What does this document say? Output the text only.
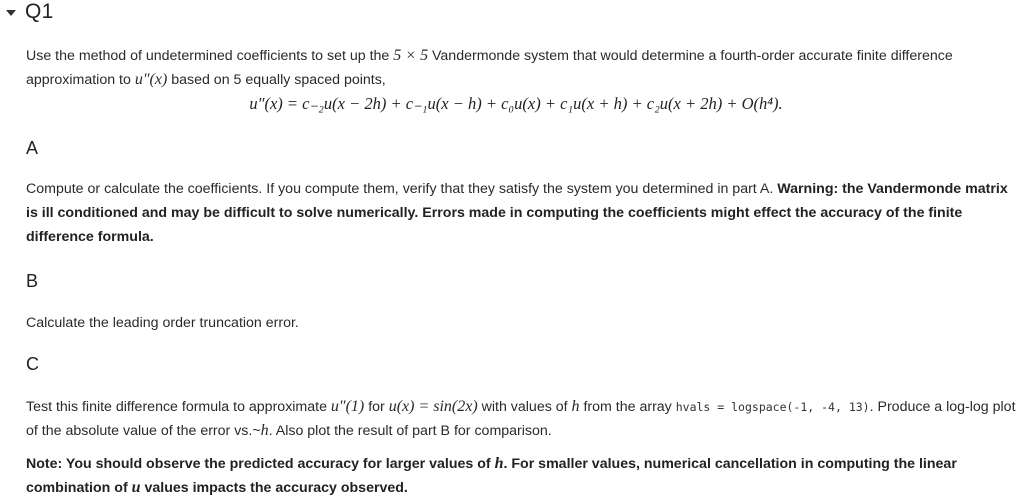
Q1
Use the method of undetermined coefficients to set up the 5 × 5 Vandermonde system that would determine a fourth-order accurate finite difference approximation to u″(x) based on 5 equally spaced points,
u″(x) = c₋₂u(x − 2h) + c₋₁u(x − h) + c₀u(x) + c₁u(x + h) + c₂u(x + 2h) + O(h⁴).
A
Compute or calculate the coefficients. If you compute them, verify that they satisfy the system you determined in part A. Warning: the Vandermonde matrix is ill conditioned and may be difficult to solve numerically. Errors made in computing the coefficients might effect the accuracy of the finite difference formula.
B
Calculate the leading order truncation error.
C
Test this finite difference formula to approximate u″(1) for u(x) = sin(2x) with values of h from the array hvals = logspace(-1, -4, 13). Produce a log-log plot of the absolute value of the error vs.~h. Also plot the result of part B for comparison.
Note: You should observe the predicted accuracy for larger values of h. For smaller values, numerical cancellation in computing the linear combination of u values impacts the accuracy observed.
